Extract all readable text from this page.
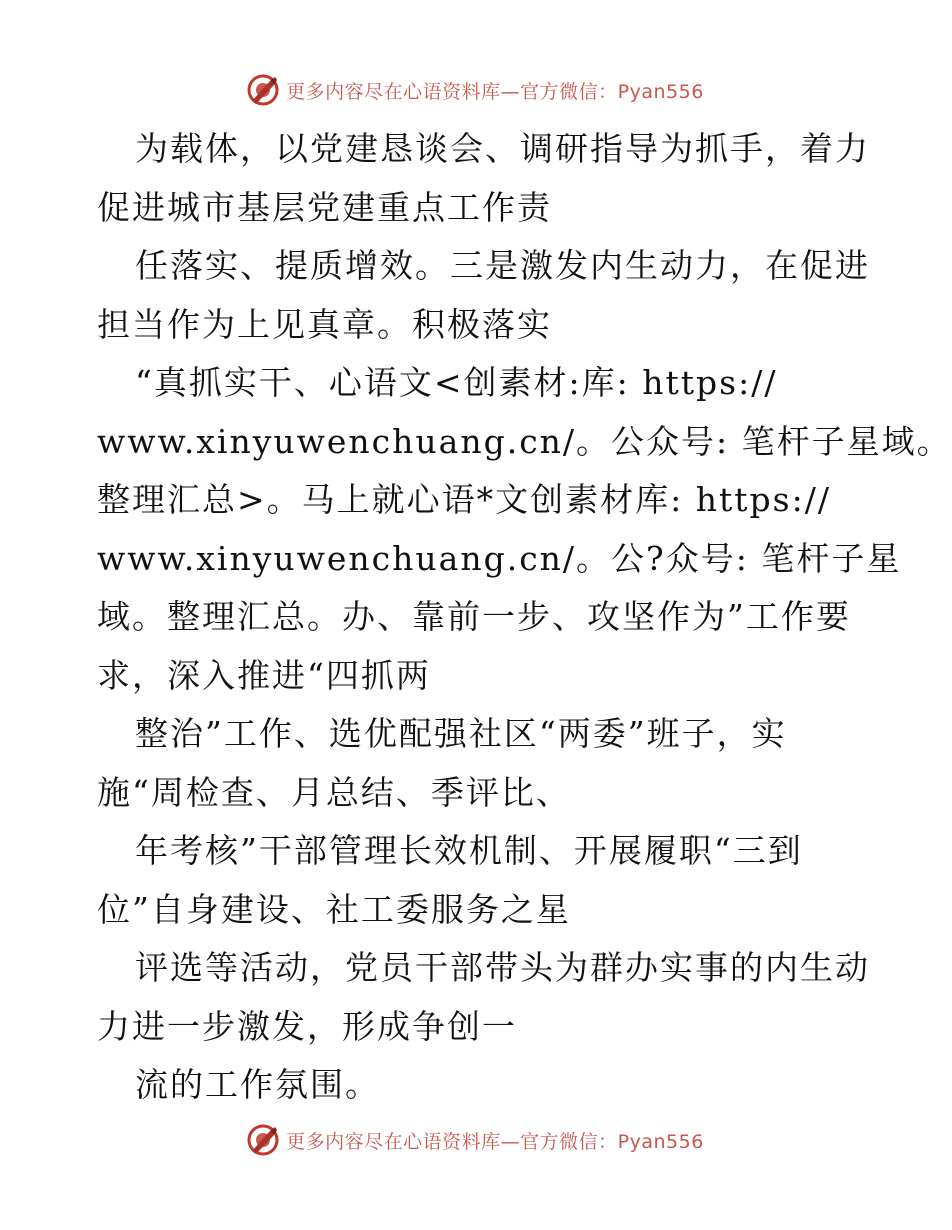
更多内容尽在心语资料库—官方微信：Pyan556
为载体，以党建恳谈会、调研指导为抓手，着力
促进城市基层党建重点工作责
任落实、提质增效。三是激发内生动力，在促进
担当作为上见真章。积极落实
“真抓实干、心语文<创素材:库: https://
www.xinyuwenchuang.cn/。公众号: 笔杆子星域。
整理汇总>。马上就心语*文创素材库: https://
www.xinyuwenchuang.cn/。公?众号: 笔杆子星
域。整理汇总。办、靠前一步、攻坚作为”工作要
求，深入推进“四抓两
整治”工作、选优配强社区“两委”班子，实
施“周检查、月总结、季评比、
年考核”干部管理长效机制、开展履职“三到
位”自身建设、社工委服务之星
评选等活动，党员干部带头为群办实事的内生动
力进一步激发，形成争创一
流的工作氛围。
更多内容尽在心语资料库—官方微信：Pyan556
